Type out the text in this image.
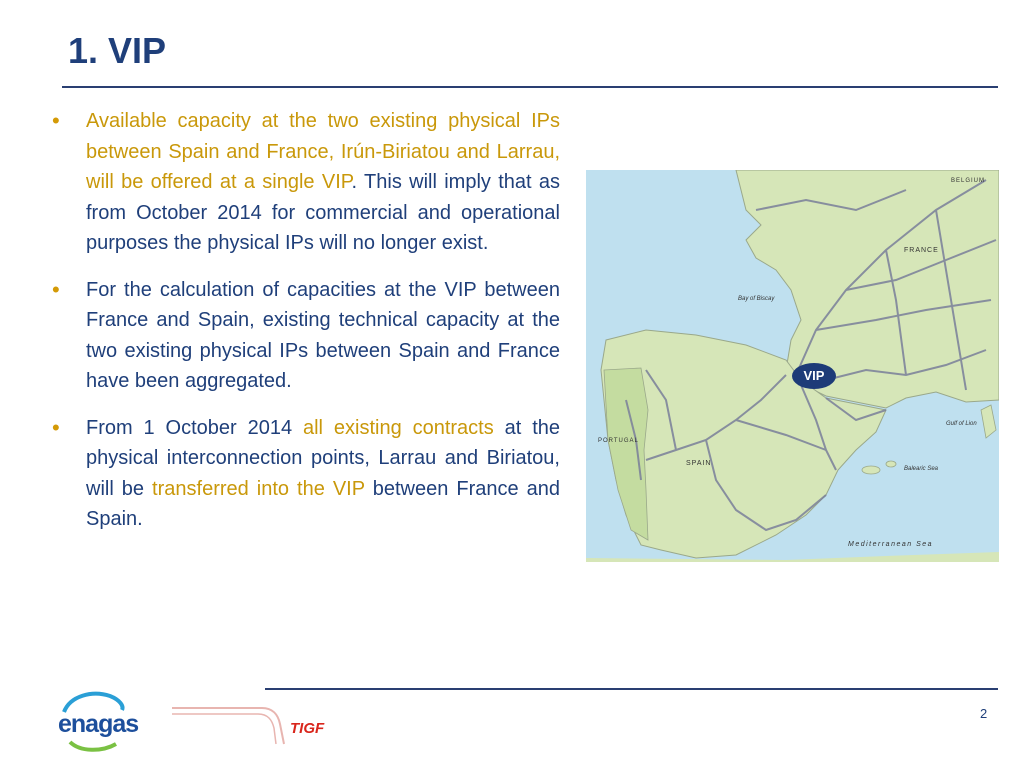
1. VIP
• Available capacity at the two existing physical IPs between Spain and France, Irún-Biriatou and Larrau, will be offered at a single VIP. This will imply that as from October 2014 for commercial and operational purposes the physical IPs will no longer exist.
• For the calculation of capacities at the VIP between France and Spain, existing technical capacity at the two existing physical IPs between Spain and France have been aggregated.
• From 1 October 2014 all existing contracts at the physical interconnection points, Larrau and Biriatou, will be transferred into the VIP between France and Spain.
FRANCE
SPAIN
PORTUGAL
Bay of Biscay
Gulf of Lion
Balearic Sea
Mediterranean Sea
BELGIUM
VIP
enagas	TIGF
2
